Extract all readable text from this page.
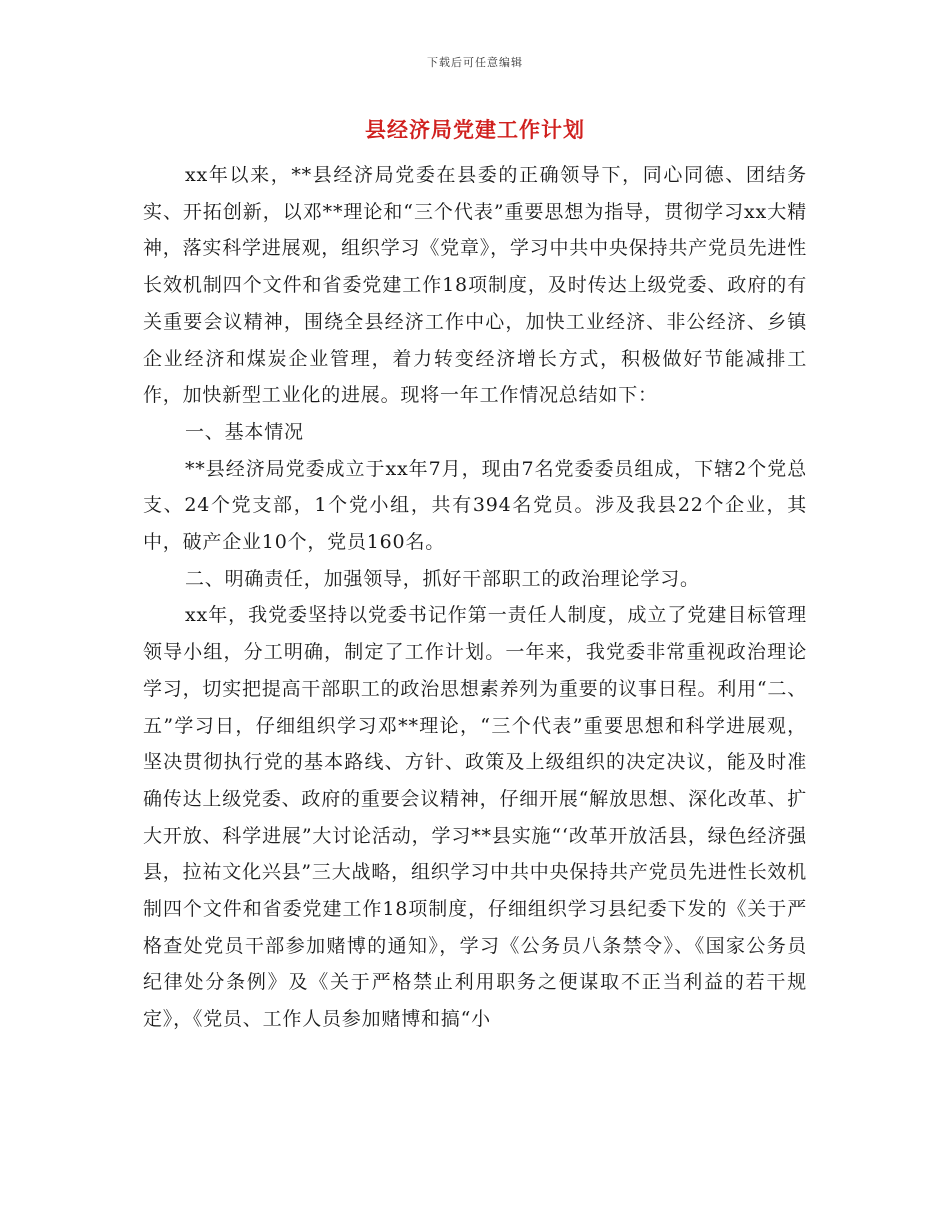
下载后可任意编辑
县经济局党建工作计划

xx年以来，**县经济局党委在县委的正确领导下，同心同德、团结务实、开拓创新，以邓**理论和“三个代表”重要思想为指导，贯彻学习xx大精神，落实科学进展观，组织学习《党章》，学习中共中央保持共产党员先进性长效机制四个文件和省委党建工作18项制度，及时传达上级党委、政府的有关重要会议精神，围绕全县经济工作中心，加快工业经济、非公经济、乡镇企业经济和煤炭企业管理，着力转变经济增长方式，积极做好节能减排工作，加快新型工业化的进展。现将一年工作情况总结如下：

一、基本情况

**县经济局党委成立于xx年7月，现由7名党委委员组成，下辖2个党总支、24个党支部，1个党小组，共有394名党员。涉及我县22个企业，其中，破产企业10个，党员160名。

二、明确责任，加强领导，抓好干部职工的政治理论学习。

xx年，我党委坚持以党委书记作第一责任人制度，成立了党建目标管理领导小组，分工明确，制定了工作计划。一年来，我党委非常重视政治理论学习，切实把提高干部职工的政治思想素养列为重要的议事日程。利用“二、五”学习日，仔细组织学习邓**理论，“三个代表”重要思想和科学进展观，坚决贯彻执行党的基本路线、方针、政策及上级组织的决定决议，能及时准确传达上级党委、政府的重要会议精神，仔细开展“解放思想、深化改革、扩大开放、科学进展”大讨论活动，学习**县实施“‘改革开放活县，绿色经济强县，拉祐文化兴县”三大战略，组织学习中共中央保持共产党员先进性长效机制四个文件和省委党建工作18项制度，仔细组织学习县纪委下发的《关于严格查处党员干部参加赌博的通知》，学习《公务员八条禁令》、《国家公务员纪律处分条例》及《关于严格禁止利用职务之便谋取不正当利益的若干规定》，《党员、工作人员参加赌博和搞“小
